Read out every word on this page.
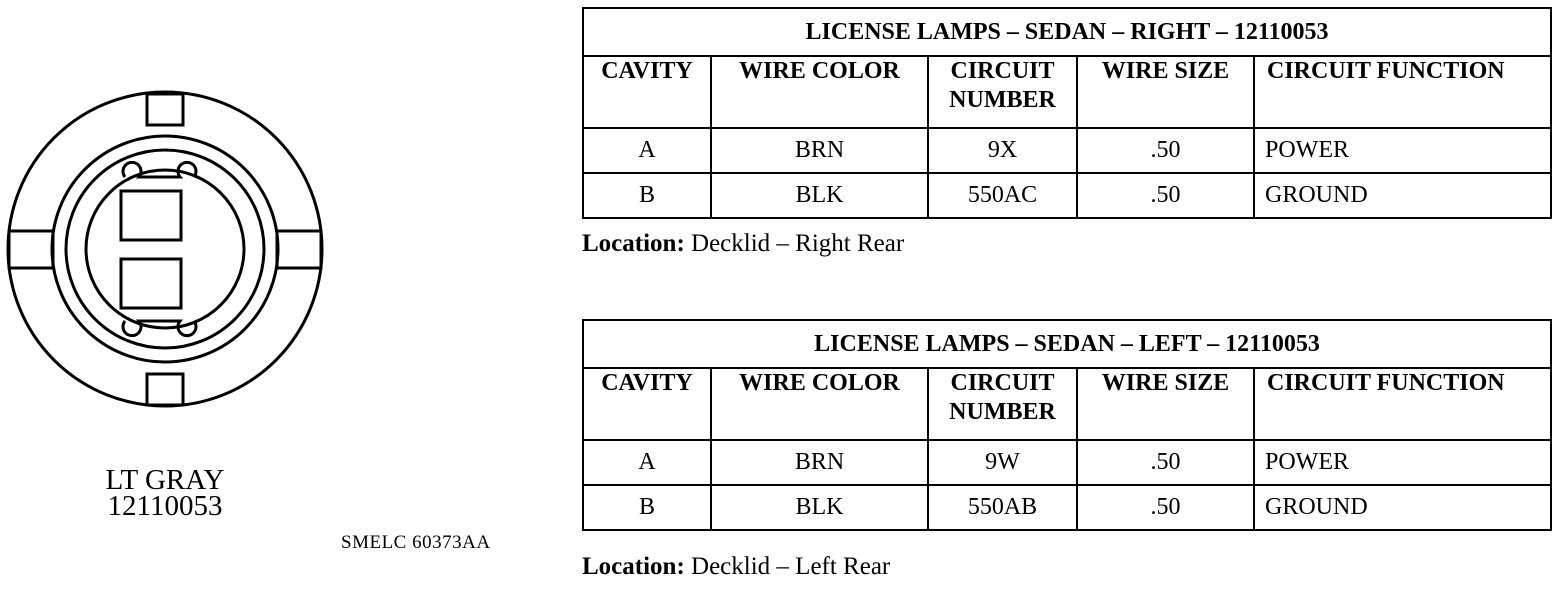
LT GRAY
12110053
SMELC 60373AA
LICENSE LAMPS – SEDAN – RIGHT – 12110053				
CAVITY	WIRE COLOR	CIRCUIT NUMBER	WIRE SIZE	CIRCUIT FUNCTION
A	BRN	9X	.50	POWER
B	BLK	550AC	.50	GROUND
Location: Decklid – Right Rear
LICENSE LAMPS – SEDAN – LEFT – 12110053				
CAVITY	WIRE COLOR	CIRCUIT NUMBER	WIRE SIZE	CIRCUIT FUNCTION
A	BRN	9W	.50	POWER
B	BLK	550AB	.50	GROUND
Location: Decklid – Left Rear
